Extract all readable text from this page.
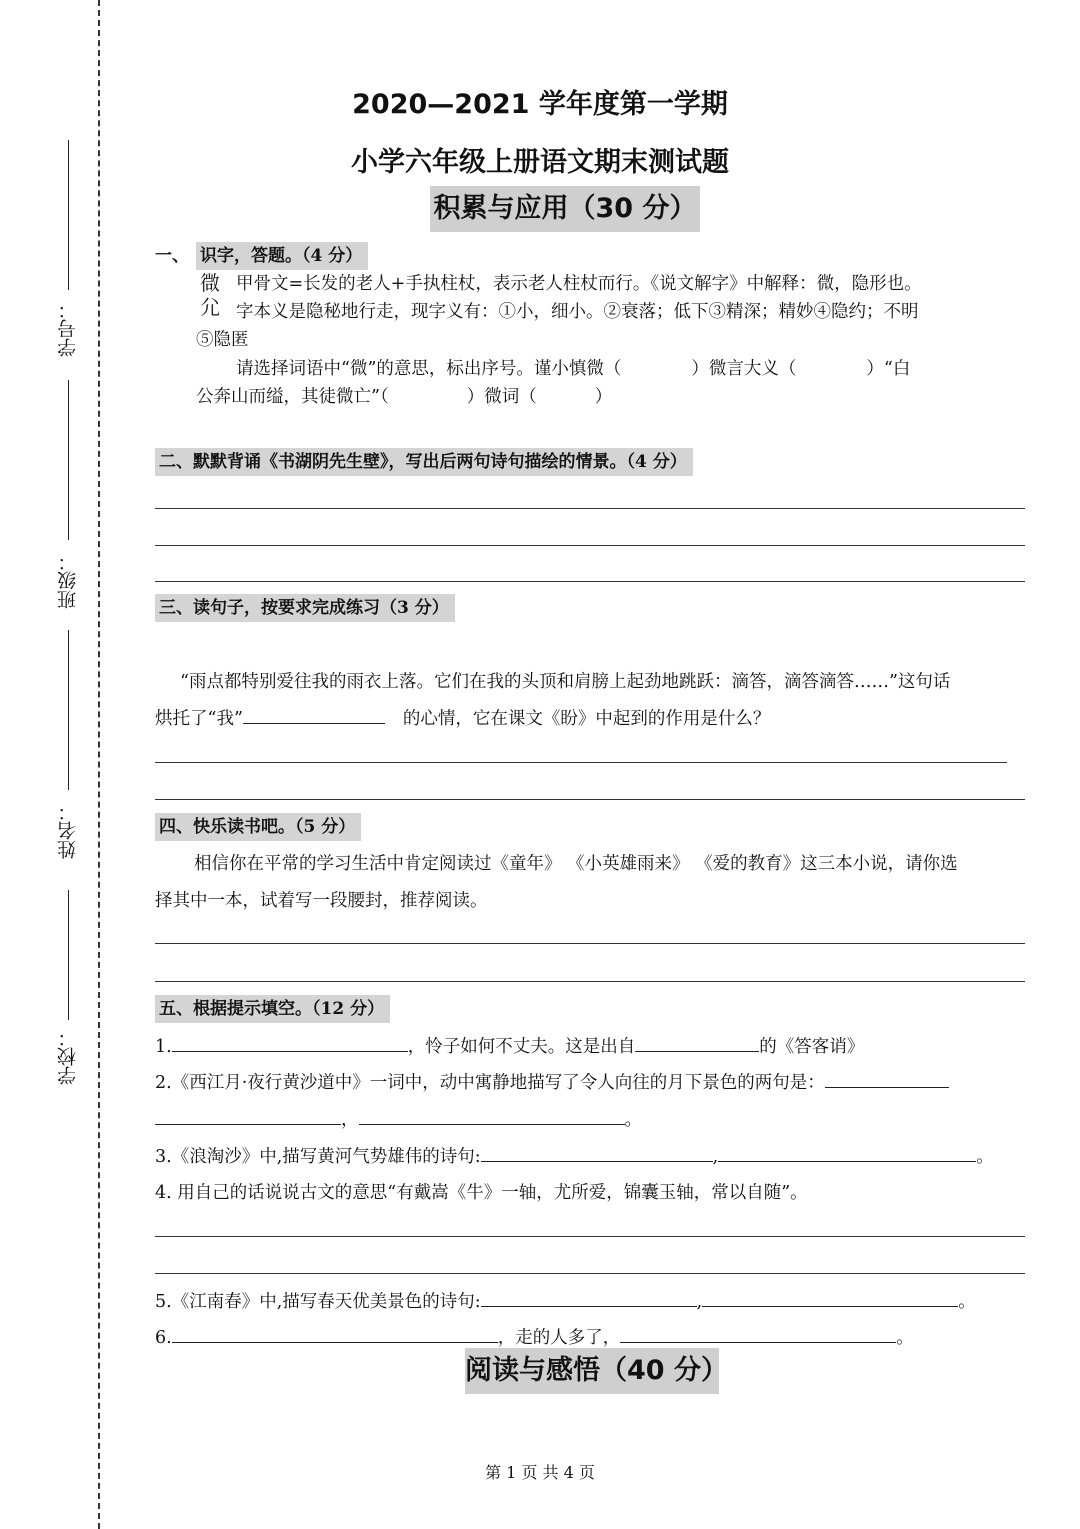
学号：
班级：
姓名：
学校：
2020—2021 学年度第一学期
小学六年级上册语文期末测试题
积累与应用（30 分）
一、 识字，答题。（4 分）
㣲
⺏
甲骨文=长发的老人+手执柱杖，表示老人柱杖而行。《说文解字》中解释：微，隐形也。
字本义是隐秘地行走，现字义有：①小，细小。②衰落；低下③精深；精妙④隐约；不明
⑤隐匿
请选择词语中“微”的意思，标出序号。谨小慎微（	）微言大义（	）“白
公奔山而缢，其徒微亡”（	）微词（	）
二、默默背诵《书湖阴先生壁》，写出后两句诗句描绘的情景。（4 分）
三、读句子，按要求完成练习（3 分）
“雨点都特别爱往我的雨衣上落。它们在我的头顶和肩膀上起劲地跳跃：滴答，滴答滴答……”这句话
烘托了“我”	的心情，它在课文《盼》中起到的作用是什么？
四、快乐读书吧。（5 分）
相信你在平常的学习生活中肯定阅读过《童年》 《小英雄雨来》 《爱的教育》这三本小说，请你选
择其中一本，试着写一段腰封，推荐阅读。
五、根据提示填空。（12 分）
1.	，怜子如何不丈夫。这是出自	的《答客诮》
2.《西江月·夜行黄沙道中》一词中，动中寓静地描写了令人向往的月下景色的两句是：
，	。
3.《浪淘沙》中,描写黄河气势雄伟的诗句:	,	。
4. 用自己的话说说古文的意思“有戴嵩《牛》一轴，尤所爱，锦囊玉轴，常以自随”。
5.《江南春》中,描写春天优美景色的诗句:	,	。
6.	，走的人多了，	。
阅读与感悟（40 分）
第 1 页 共 4 页
